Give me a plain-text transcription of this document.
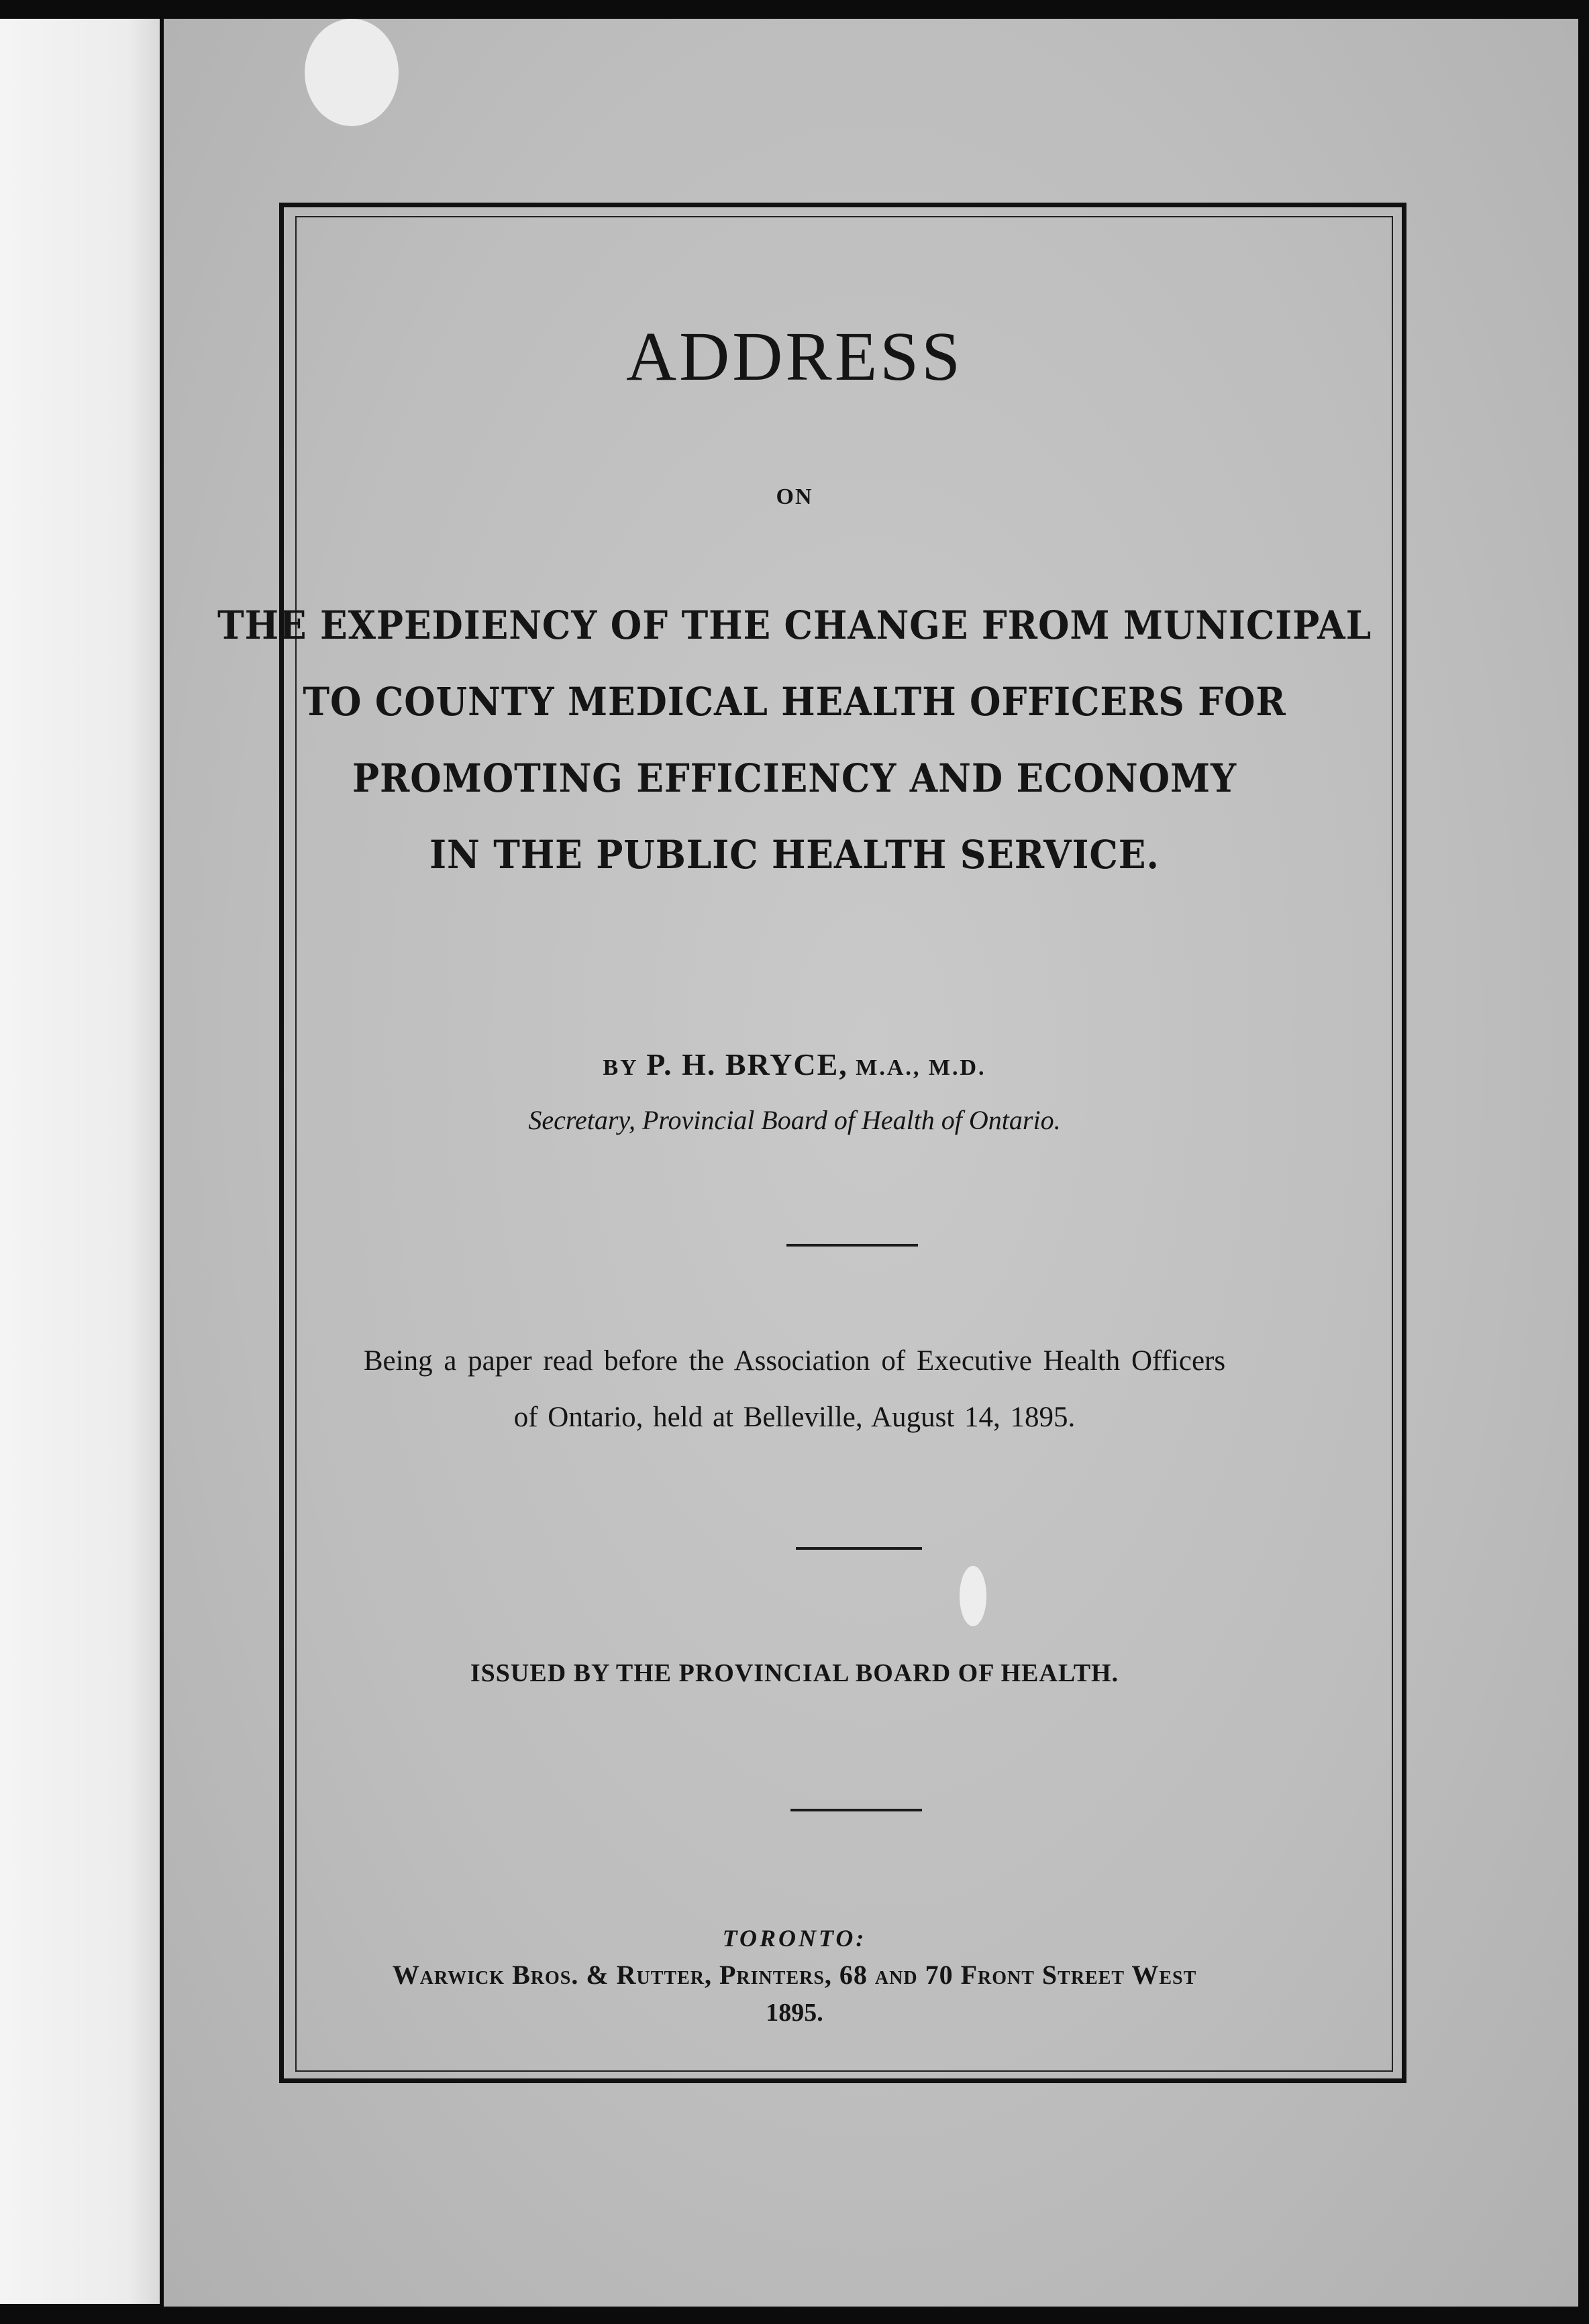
ADDRESS

ON

THE EXPEDIENCY OF THE CHANGE FROM MUNICIPAL

TO COUNTY MEDICAL HEALTH OFFICERS FOR

PROMOTING EFFICIENCY AND ECONOMY

IN THE PUBLIC HEALTH SERVICE.

BY P. H. BRYCE, M.A., M.D.

Secretary, Provincial Board of Health of Ontario.

Being a paper read before the Association of Executive Health Officers

of Ontario, held at Belleville, August 14, 1895.

ISSUED BY THE PROVINCIAL BOARD OF HEALTH.

TORONTO:

Warwick Bros. & Rutter, Printers, 68 and 70 Front Street West

1895.
